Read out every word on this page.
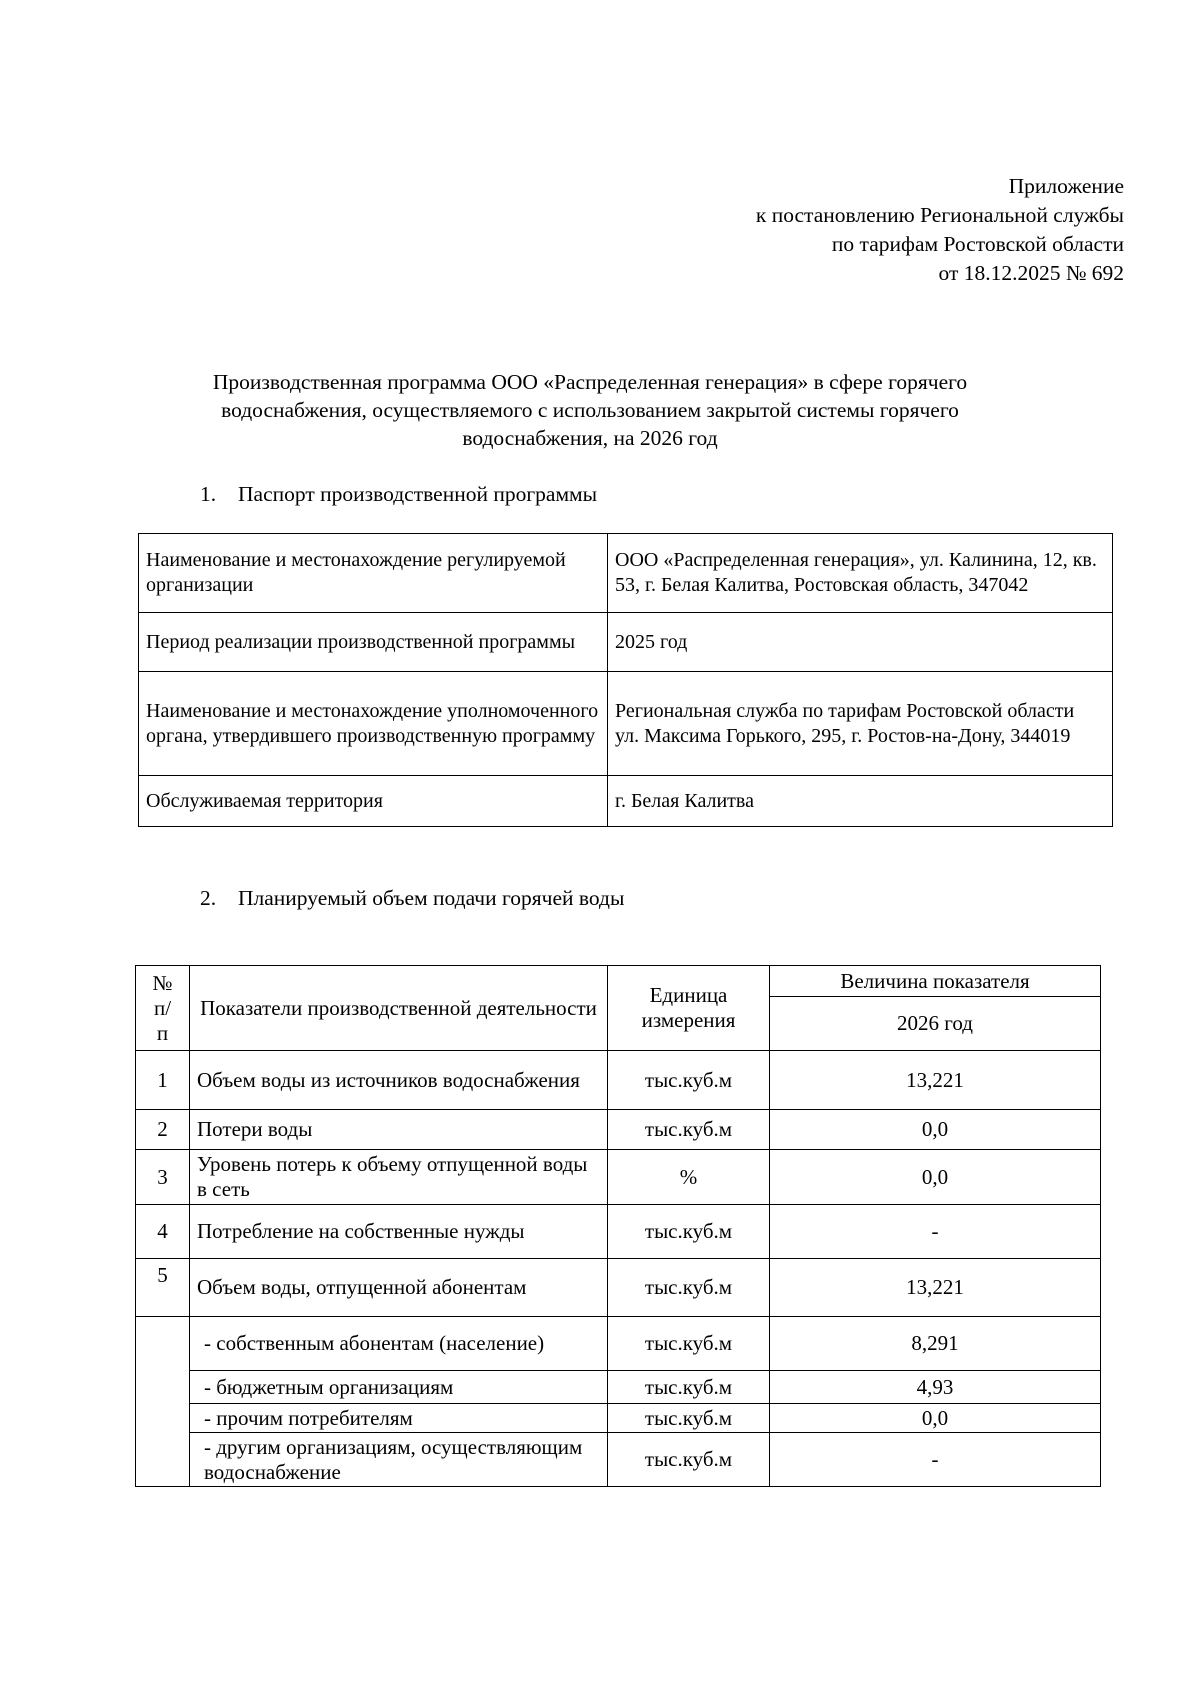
Приложение
к постановлению Региональной службы
по тарифам Ростовской области
от 18.12.2025 № 692
Производственная программа ООО «Распределенная генерация» в сфере горячего
водоснабжения, осуществляемого с использованием закрытой системы горячего
водоснабжения, на 2026 год
1. Паспорт производственной программы
Наименование и местонахождение регулируемой организации	ООО «Распределенная генерация», ул. Калинина, 12, кв. 53, г. Белая Калитва, Ростовская область, 347042
Период реализации производственной программы	2025 год
Наименование и местонахождение уполномоченного органа, утвердившего производственную программу	Региональная служба по тарифам Ростовской области
ул. Максима Горького, 295, г. Ростов-на-Дону, 344019

Обслуживаемая территория	г. Белая Калитва
2. Планируемый объем подачи горячей воды
№ п/ п	Показатели производственной деятельности	Единица измерения	Величина показателя
			2026 год
1	Объем воды из источников водоснабжения	тыс.куб.м	13,221
2	Потери воды	тыс.куб.м	0,0
3	Уровень потерь к объему отпущенной воды в сеть	%	0,0
4	Потребление на собственные нужды	тыс.куб.м	-
5	Объем воды, отпущенной абонентам	тыс.куб.м	13,221
	- собственным абонентам (население)	тыс.куб.м	8,291
	- бюджетным организациям	тыс.куб.м	4,93
	- прочим потребителям	тыс.куб.м	0,0
	- другим организациям, осуществляющим водоснабжение	тыс.куб.м	-
